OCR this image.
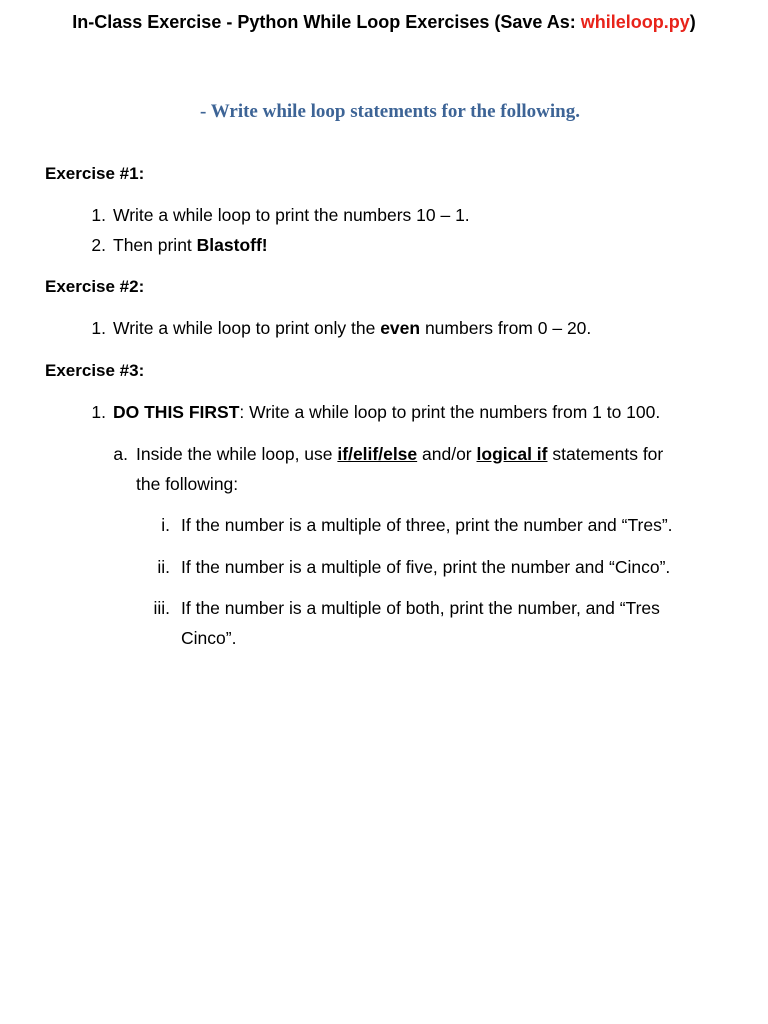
In-Class Exercise - Python While Loop Exercises (Save As: whileloop.py)
- Write while loop statements for the following.
Exercise #1:
1. Write a while loop to print the numbers 10 – 1.
2. Then print Blastoff!
Exercise #2:
1. Write a while loop to print only the even numbers from 0 – 20.
Exercise #3:
1. DO THIS FIRST: Write a while loop to print the numbers from 1 to 100.
a. Inside the while loop, use if/elif/else and/or logical if statements for
the following:
i. If the number is a multiple of three, print the number and “Tres”.
ii. If the number is a multiple of five, print the number and “Cinco”.
iii. If the number is a multiple of both, print the number, and “Tres
Cinco”.
